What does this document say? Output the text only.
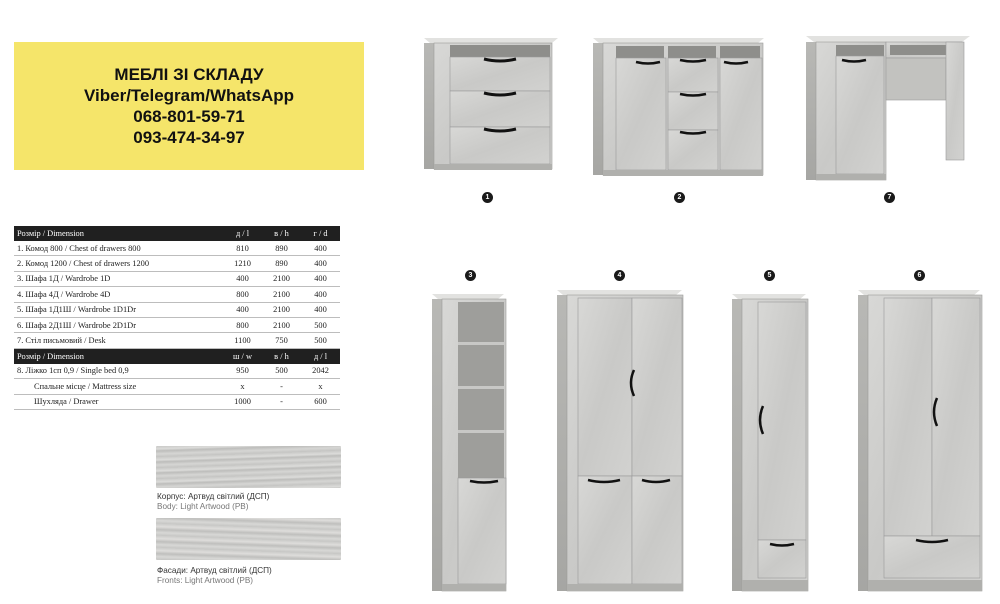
МЕБЛІ ЗІ СКЛАДУ
Viber/Telegram/WhatsApp
068-801-59-71
093-474-34-97
Розмір / Dimension	д / l	в / h	г / d
1. Комод 800 / Chest of drawers 800	810	890	400
2. Комод 1200 / Chest of drawers 1200	1210	890	400
3. Шафа 1Д / Wardrobe 1D	400	2100	400
4. Шафа 4Д / Wardrobe 4D	800	2100	400
5. Шафа 1Д1Ш / Wardrobe 1D1Dr	400	2100	400
6. Шафа 2Д1Ш / Wardrobe 2D1Dr	800	2100	500
7. Стіл письмовий / Desk	1100	750	500
Розмір / Dimension	ш / w	в / h	д / l
8. Ліжко 1сп 0,9 / Single bed 0,9	950	500	2042
Спальне місце / Mattress size	x	-	x
Шухляда / Drawer	1000	-	600
Корпус: Артвуд світлий (ДСП)
Body: Light Artwood (PB)
Фасади: Артвуд світлий (ДСП)
Fronts: Light Artwood (PB)
1	2	7
3	4	5	6
